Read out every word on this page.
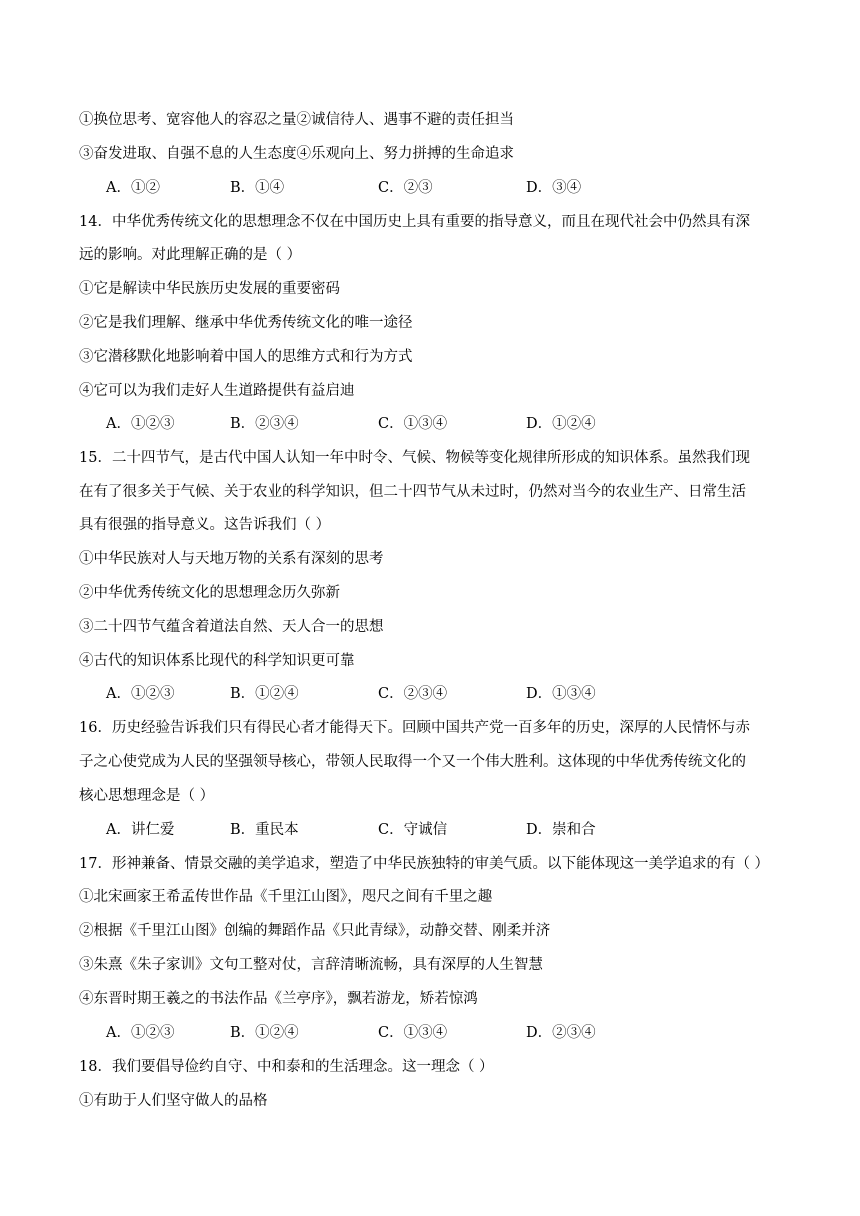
①换位思考、宽容他人的容忍之量②诚信待人、遇事不避的责任担当
③奋发进取、自强不息的人生态度④乐观向上、努力拼搏的生命追求
A．①②	B．①④	C．②③	D．③④
14．中华优秀传统文化的思想理念不仅在中国历史上具有重要的指导意义，而且在现代社会中仍然具有深
远的影响。对此理解正确的是（ ）
①它是解读中华民族历史发展的重要密码
②它是我们理解、继承中华优秀传统文化的唯一途径
③它潜移默化地影响着中国人的思维方式和行为方式
④它可以为我们走好人生道路提供有益启迪
A．①②③	B．②③④	C．①③④	D．①②④
15．二十四节气，是古代中国人认知一年中时令、气候、物候等变化规律所形成的知识体系。虽然我们现
在有了很多关于气候、关于农业的科学知识，但二十四节气从未过时，仍然对当今的农业生产、日常生活
具有很强的指导意义。这告诉我们（ ）
①中华民族对人与天地万物的关系有深刻的思考
②中华优秀传统文化的思想理念历久弥新
③二十四节气蕴含着道法自然、天人合一的思想
④古代的知识体系比现代的科学知识更可靠
A．①②③	B．①②④	C．②③④	D．①③④
16．历史经验告诉我们只有得民心者才能得天下。回顾中国共产党一百多年的历史，深厚的人民情怀与赤
子之心使党成为人民的坚强领导核心，带领人民取得一个又一个伟大胜利。这体现的中华优秀传统文化的
核心思想理念是（ ）
A．讲仁爱	B．重民本	C．守诚信	D．崇和合
17．形神兼备、情景交融的美学追求，塑造了中华民族独特的审美气质。以下能体现这一美学追求的有（ ）
①北宋画家王希孟传世作品《千里江山图》，咫尺之间有千里之趣
②根据《千里江山图》创编的舞蹈作品《只此青绿》，动静交替、刚柔并济
③朱熹《朱子家训》文句工整对仗，言辞清晰流畅，具有深厚的人生智慧
④东晋时期王羲之的书法作品《兰亭序》，飘若游龙，矫若惊鸿
A．①②③	B．①②④	C．①③④	D．②③④
18．我们要倡导俭约自守、中和泰和的生活理念。这一理念（ ）
①有助于人们坚守做人的品格
